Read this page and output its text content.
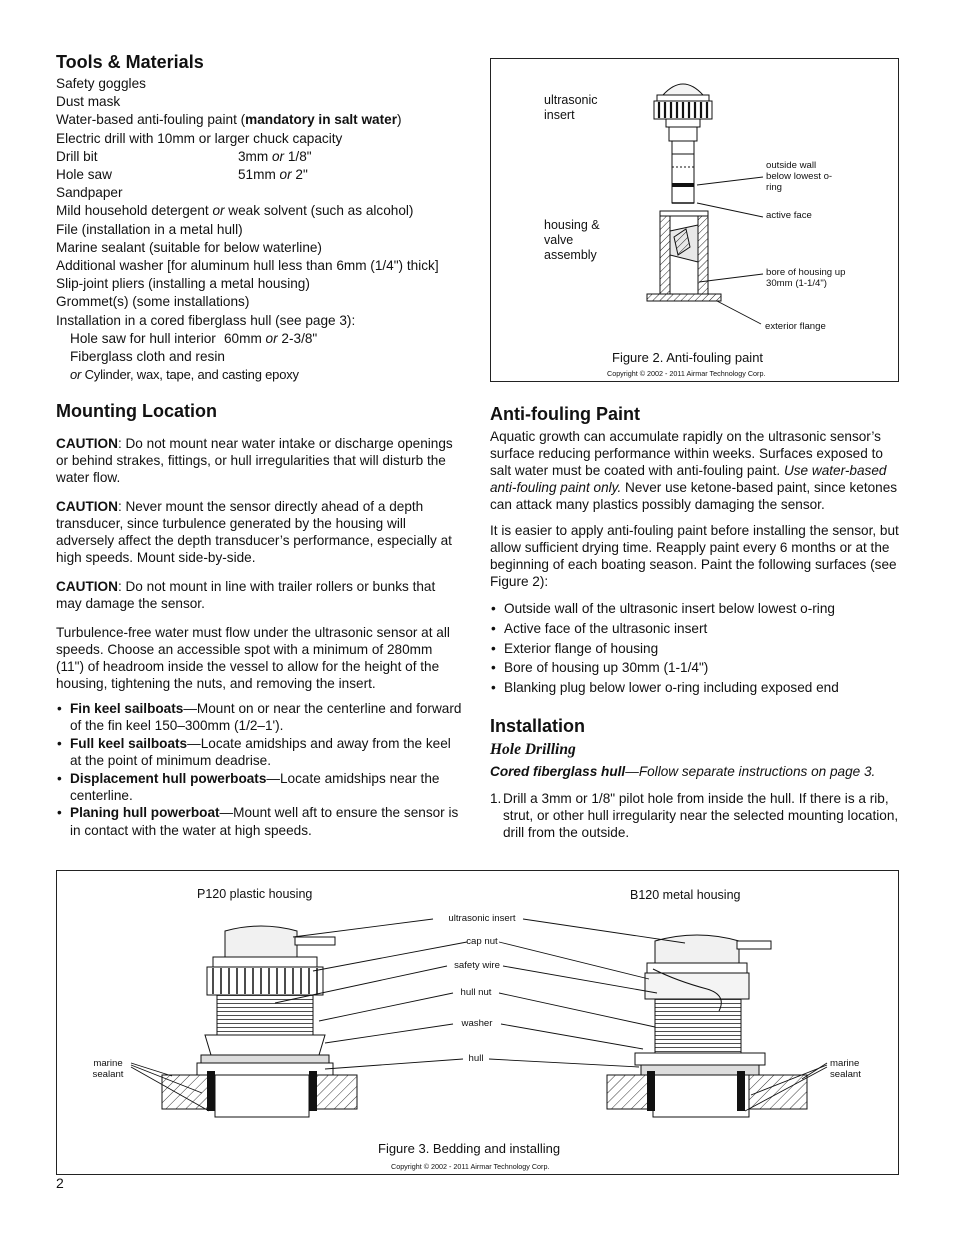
Tools & Materials
Safety goggles
Dust mask
Water-based anti-fouling paint (mandatory in salt water)
Electric drill with 10mm or larger chuck capacity
Drill bit	3mm or 1/8"
Hole saw	51mm or 2"
Sandpaper
Mild household detergent or weak solvent (such as alcohol)
File (installation in a metal hull)
Marine sealant (suitable for below waterline)
Additional washer [for aluminum hull less than 6mm (1/4") thick]
Slip-joint pliers (installing a metal housing)
Grommet(s) (some installations)
Installation in a cored fiberglass hull (see page 3):
Hole saw for hull interior 60mm or 2-3/8"
Fiberglass cloth and resin
or Cylinder, wax, tape, and casting epoxy
Mounting Location

CAUTION: Do not mount near water intake or discharge openings or behind strakes, fittings, or hull irregularities that will disturb the water flow.

CAUTION: Never mount the sensor directly ahead of a depth transducer, since turbulence generated by the housing will adversely affect the depth transducer’s performance, especially at high speeds. Mount side-by-side.

CAUTION: Do not mount in line with trailer rollers or bunks that may damage the sensor.

Turbulence-free water must flow under the ultrasonic sensor at all speeds. Choose an accessible spot with a minimum of 280mm (11") of headroom inside the vessel to allow for the height of the housing, tightening the nuts, and removing the insert.

• Fin keel sailboats—Mount on or near the centerline and forward of the fin keel 150–300mm (1/2–1').
• Full keel sailboats—Locate amidships and away from the keel at the point of minimum deadrise.
• Displacement hull powerboats—Locate amidships near the centerline.
• Planing hull powerboat—Mount well aft to ensure the sensor is in contact with the water at high speeds.
ultrasonic insert
housing & valve assembly
outside wall below lowest o-ring
active face
bore of housing up 30mm (1-1/4")
exterior flange
Figure 2. Anti-fouling paint
Copyright © 2002 - 2011 Airmar Technology Corp.
Anti-fouling Paint

Aquatic growth can accumulate rapidly on the ultrasonic sensor’s surface reducing performance within weeks. Surfaces exposed to salt water must be coated with anti-fouling paint. Use water-based anti-fouling paint only. Never use ketone-based paint, since ketones can attack many plastics possibly damaging the sensor.

It is easier to apply anti-fouling paint before installing the sensor, but allow sufficient drying time. Reapply paint every 6 months or at the beginning of each boating season. Paint the following surfaces (see Figure 2):

• Outside wall of the ultrasonic insert below lowest o-ring
• Active face of the ultrasonic insert
• Exterior flange of housing
• Bore of housing up 30mm (1-1/4")
• Blanking plug below lower o-ring including exposed end
Installation
Hole Drilling

Cored fiberglass hull—Follow separate instructions on page 3.

1. Drill a 3mm or 1/8" pilot hole from inside the hull. If there is a rib, strut, or other hull irregularity near the selected mounting location, drill from the outside.

P120 plastic housing	B120 metal housing
ultrasonic insert
cap nut
safety wire
hull nut
washer
hull
marine sealant
marine sealant
Figure 3. Bedding and installing
Copyright © 2002 - 2011 Airmar Technology Corp.
2
